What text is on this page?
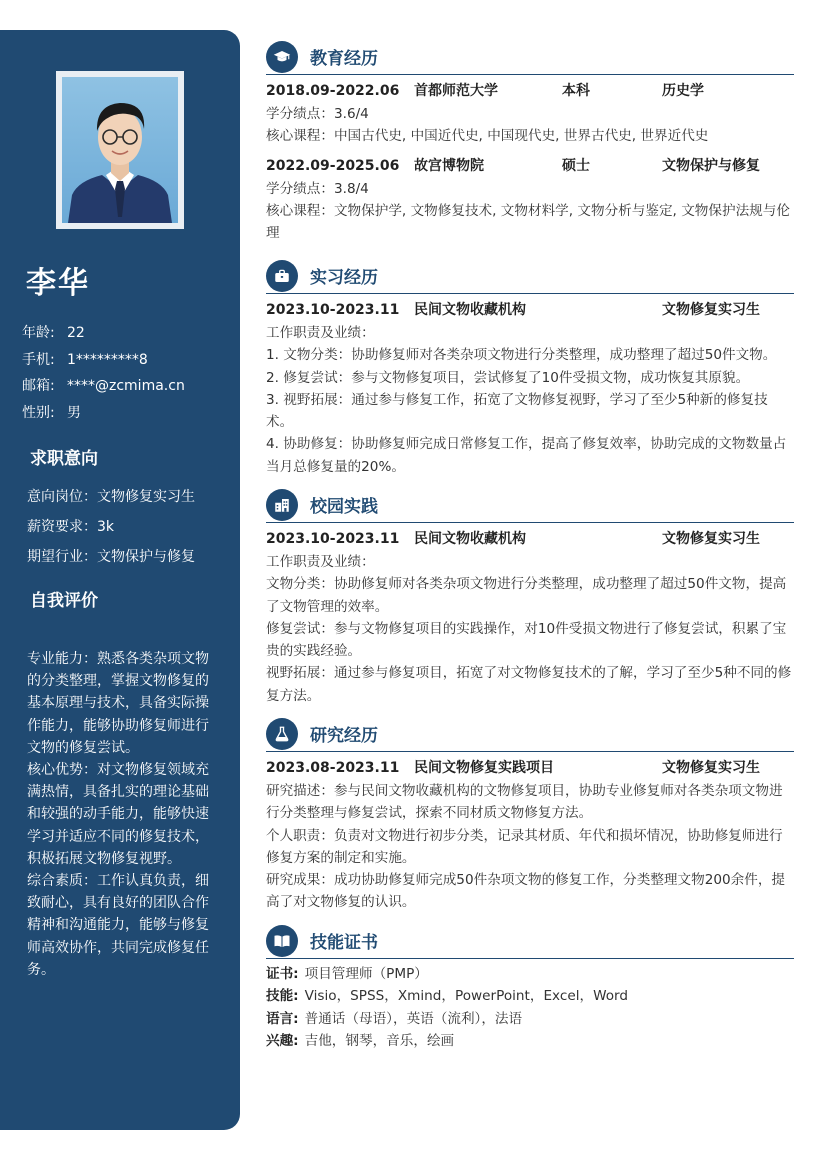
李华
年龄: 22
手机: 1*********8
邮箱: ****@zcmima.cn
性别: 男
求职意向
意向岗位：文物修复实习生
薪资要求：3k
期望行业：文物保护与修复
自我评价
专业能力：熟悉各类杂项文物的分类整理，掌握文物修复的基本原理与技术，具备实际操作能力，能够协助修复师进行文物的修复尝试。
核心优势：对文物修复领域充满热情，具备扎实的理论基础和较强的动手能力，能够快速学习并适应不同的修复技术，积极拓展文物修复视野。
综合素质：工作认真负责，细致耐心，具有良好的团队合作精神和沟通能力，能够与修复师高效协作，共同完成修复任务。
教育经历
2018.09-2022.06 首都师范大学	本科	历史学
学分绩点：3.6/4
核心课程：中国古代史, 中国近代史, 中国现代史, 世界古代史, 世界近代史
2022.09-2025.06 故宫博物院	硕士	文物保护与修复
学分绩点：3.8/4
核心课程：文物保护学, 文物修复技术, 文物材料学, 文物分析与鉴定, 文物保护法规与伦理
实习经历
2023.10-2023.11 民间文物收藏机构	文物修复实习生
工作职责及业绩：
1. 文物分类：协助修复师对各类杂项文物进行分类整理，成功整理了超过50件文物。
2. 修复尝试：参与文物修复项目，尝试修复了10件受损文物，成功恢复其原貌。
3. 视野拓展：通过参与修复工作，拓宽了文物修复视野，学习了至少5种新的修复技术。
4. 协助修复：协助修复师完成日常修复工作，提高了修复效率，协助完成的文物数量占当月总修复量的20%。
校园实践
2023.10-2023.11 民间文物收藏机构	文物修复实习生
工作职责及业绩：
文物分类：协助修复师对各类杂项文物进行分类整理，成功整理了超过50件文物，提高了文物管理的效率。
修复尝试：参与文物修复项目的实践操作，对10件受损文物进行了修复尝试，积累了宝贵的实践经验。
视野拓展：通过参与修复项目，拓宽了对文物修复技术的了解，学习了至少5种不同的修复方法。
研究经历
2023.08-2023.11 民间文物修复实践项目	文物修复实习生
研究描述：参与民间文物收藏机构的文物修复项目，协助专业修复师对各类杂项文物进行分类整理与修复尝试，探索不同材质文物修复方法。
个人职责：负责对文物进行初步分类，记录其材质、年代和损坏情况，协助修复师进行修复方案的制定和实施。
研究成果：成功协助修复师完成50件杂项文物的修复工作，分类整理文物200余件，提高了对文物修复的认识。
技能证书
证书: 项目管理师（PMP）
技能: Visio，SPSS，Xmind，PowerPoint，Excel，Word
语言: 普通话（母语），英语（流利），法语
兴趣: 吉他，钢琴，音乐，绘画
